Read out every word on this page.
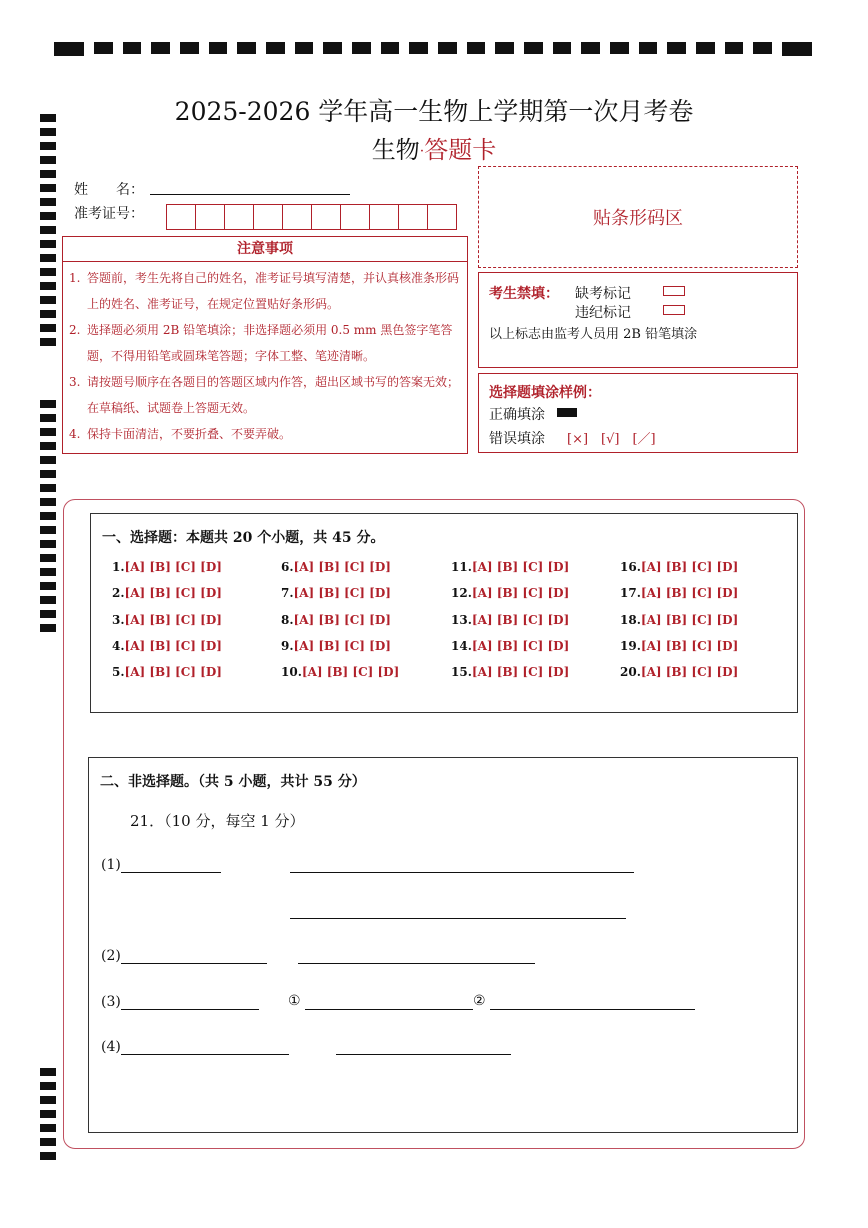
2025-2026 学年高一生物上学期第一次月考卷
生物·答题卡
姓　　名：
准考证号：	贴条形码区
注意事项
1. 答题前，考生先将自己的姓名，准考证号填写清楚，并认真核准条形码上的姓名、准考证号，在规定位置贴好条形码。
2. 选择题必须用 2B 铅笔填涂；非选择题必须用 0.5 mm 黑色签字笔答题，不得用铅笔或圆珠笔答题；字体工整、笔迹清晰。
3. 请按题号顺序在各题目的答题区域内作答，超出区域书写的答案无效；在草稿纸、试题卷上答题无效。
4. 保持卡面清洁，不要折叠、不要弄破。
考生禁填： 缺考标记
违纪标记
以上标志由监考人员用 2B 铅笔填涂
选择题填涂样例：
正确填涂
错误填涂 [×]　[√]　[／]
一、选择题：本题共 20 个小题，共 45 分。
1.[A] [B] [C] [D]
2.[A] [B] [C] [D]
3.[A] [B] [C] [D]
4.[A] [B] [C] [D]
5.[A] [B] [C] [D]
6.[A] [B] [C] [D]
7.[A] [B] [C] [D]
8.[A] [B] [C] [D]
9.[A] [B] [C] [D]
10.[A] [B] [C] [D]
11.[A] [B] [C] [D]
12.[A] [B] [C] [D]
13.[A] [B] [C] [D]
14.[A] [B] [C] [D]
15.[A] [B] [C] [D]
16.[A] [B] [C] [D]
17.[A] [B] [C] [D]
18.[A] [B] [C] [D]
19.[A] [B] [C] [D]
20.[A] [B] [C] [D]
二、非选择题。（共 5 小题，共计 55 分）
21．（10 分，每空 1 分）
(1)
(2)
(3)	①	②
(4)
